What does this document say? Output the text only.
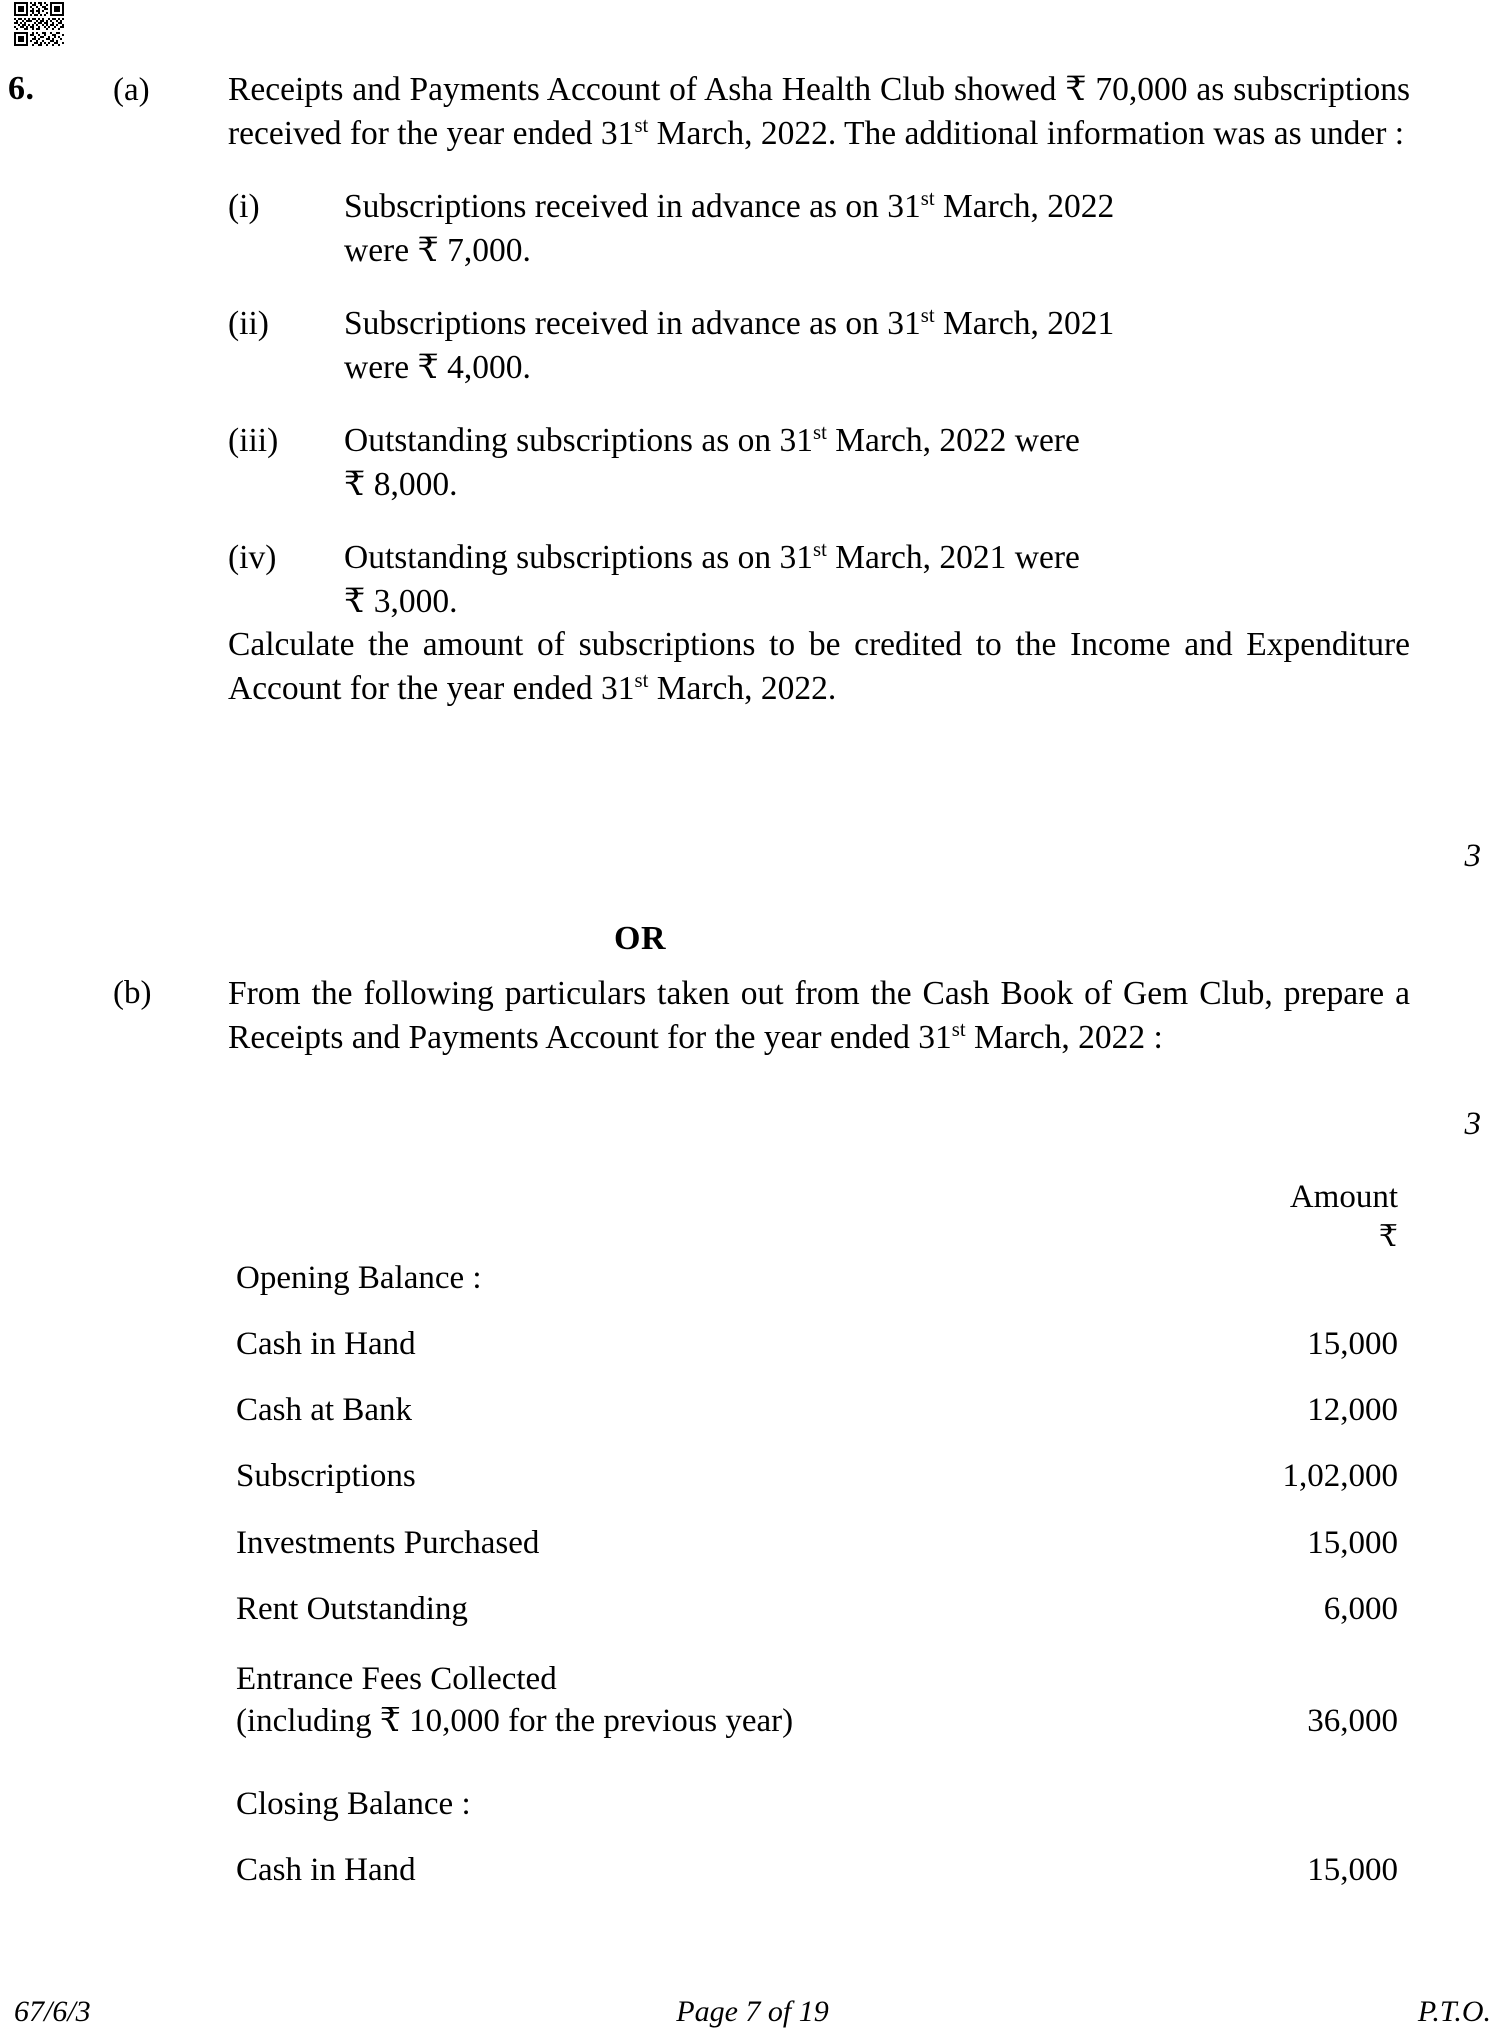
6. (a) Receipts and Payments Account of Asha Health Club showed ₹ 70,000 as subscriptions received for the year ended 31st March, 2022. The additional information was as under :

(i)	Subscriptions received in advance as on 31st March, 2022
were ₹ 7,000.
(ii)	Subscriptions received in advance as on 31st March, 2021
were ₹ 4,000.
(iii)	Outstanding subscriptions as on 31st March, 2022 were
₹ 8,000.
(iv)	Outstanding subscriptions as on 31st March, 2021 were
₹ 3,000.

Calculate the amount of subscriptions to be credited to the Income and Expenditure Account for the year ended 31st March, 2022.

3
OR
(b) From the following particulars taken out from the Cash Book of Gem Club, prepare a Receipts and Payments Account for the year ended 31st March, 2022 :

3
	Amount
₹

Opening Balance :	
Cash in Hand	15,000
Cash at Bank	12,000
Subscriptions	1,02,000
Investments Purchased	15,000
Rent Outstanding	6,000
Entrance Fees Collected	
(including ₹ 10,000 for the previous year)	36,000
Closing Balance :	
Cash in Hand	15,000
67/6/3	Page 7 of 19	P.T.O.
